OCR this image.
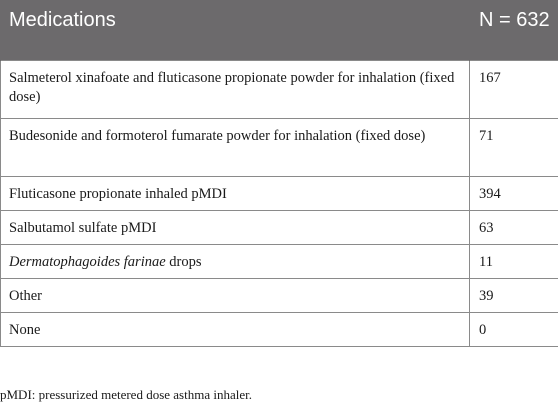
Medications	N = 632
Salmeterol xinafoate and fluticasone propionate powder for inhalation (fixed dose)	167
Budesonide and formoterol fumarate powder for inhalation (fixed dose)	71
Fluticasone propionate inhaled pMDI	394
Salbutamol sulfate pMDI	63
Dermatophagoides farinae drops	11
Other	39
None	0
pMDI: pressurized metered dose asthma inhaler.
